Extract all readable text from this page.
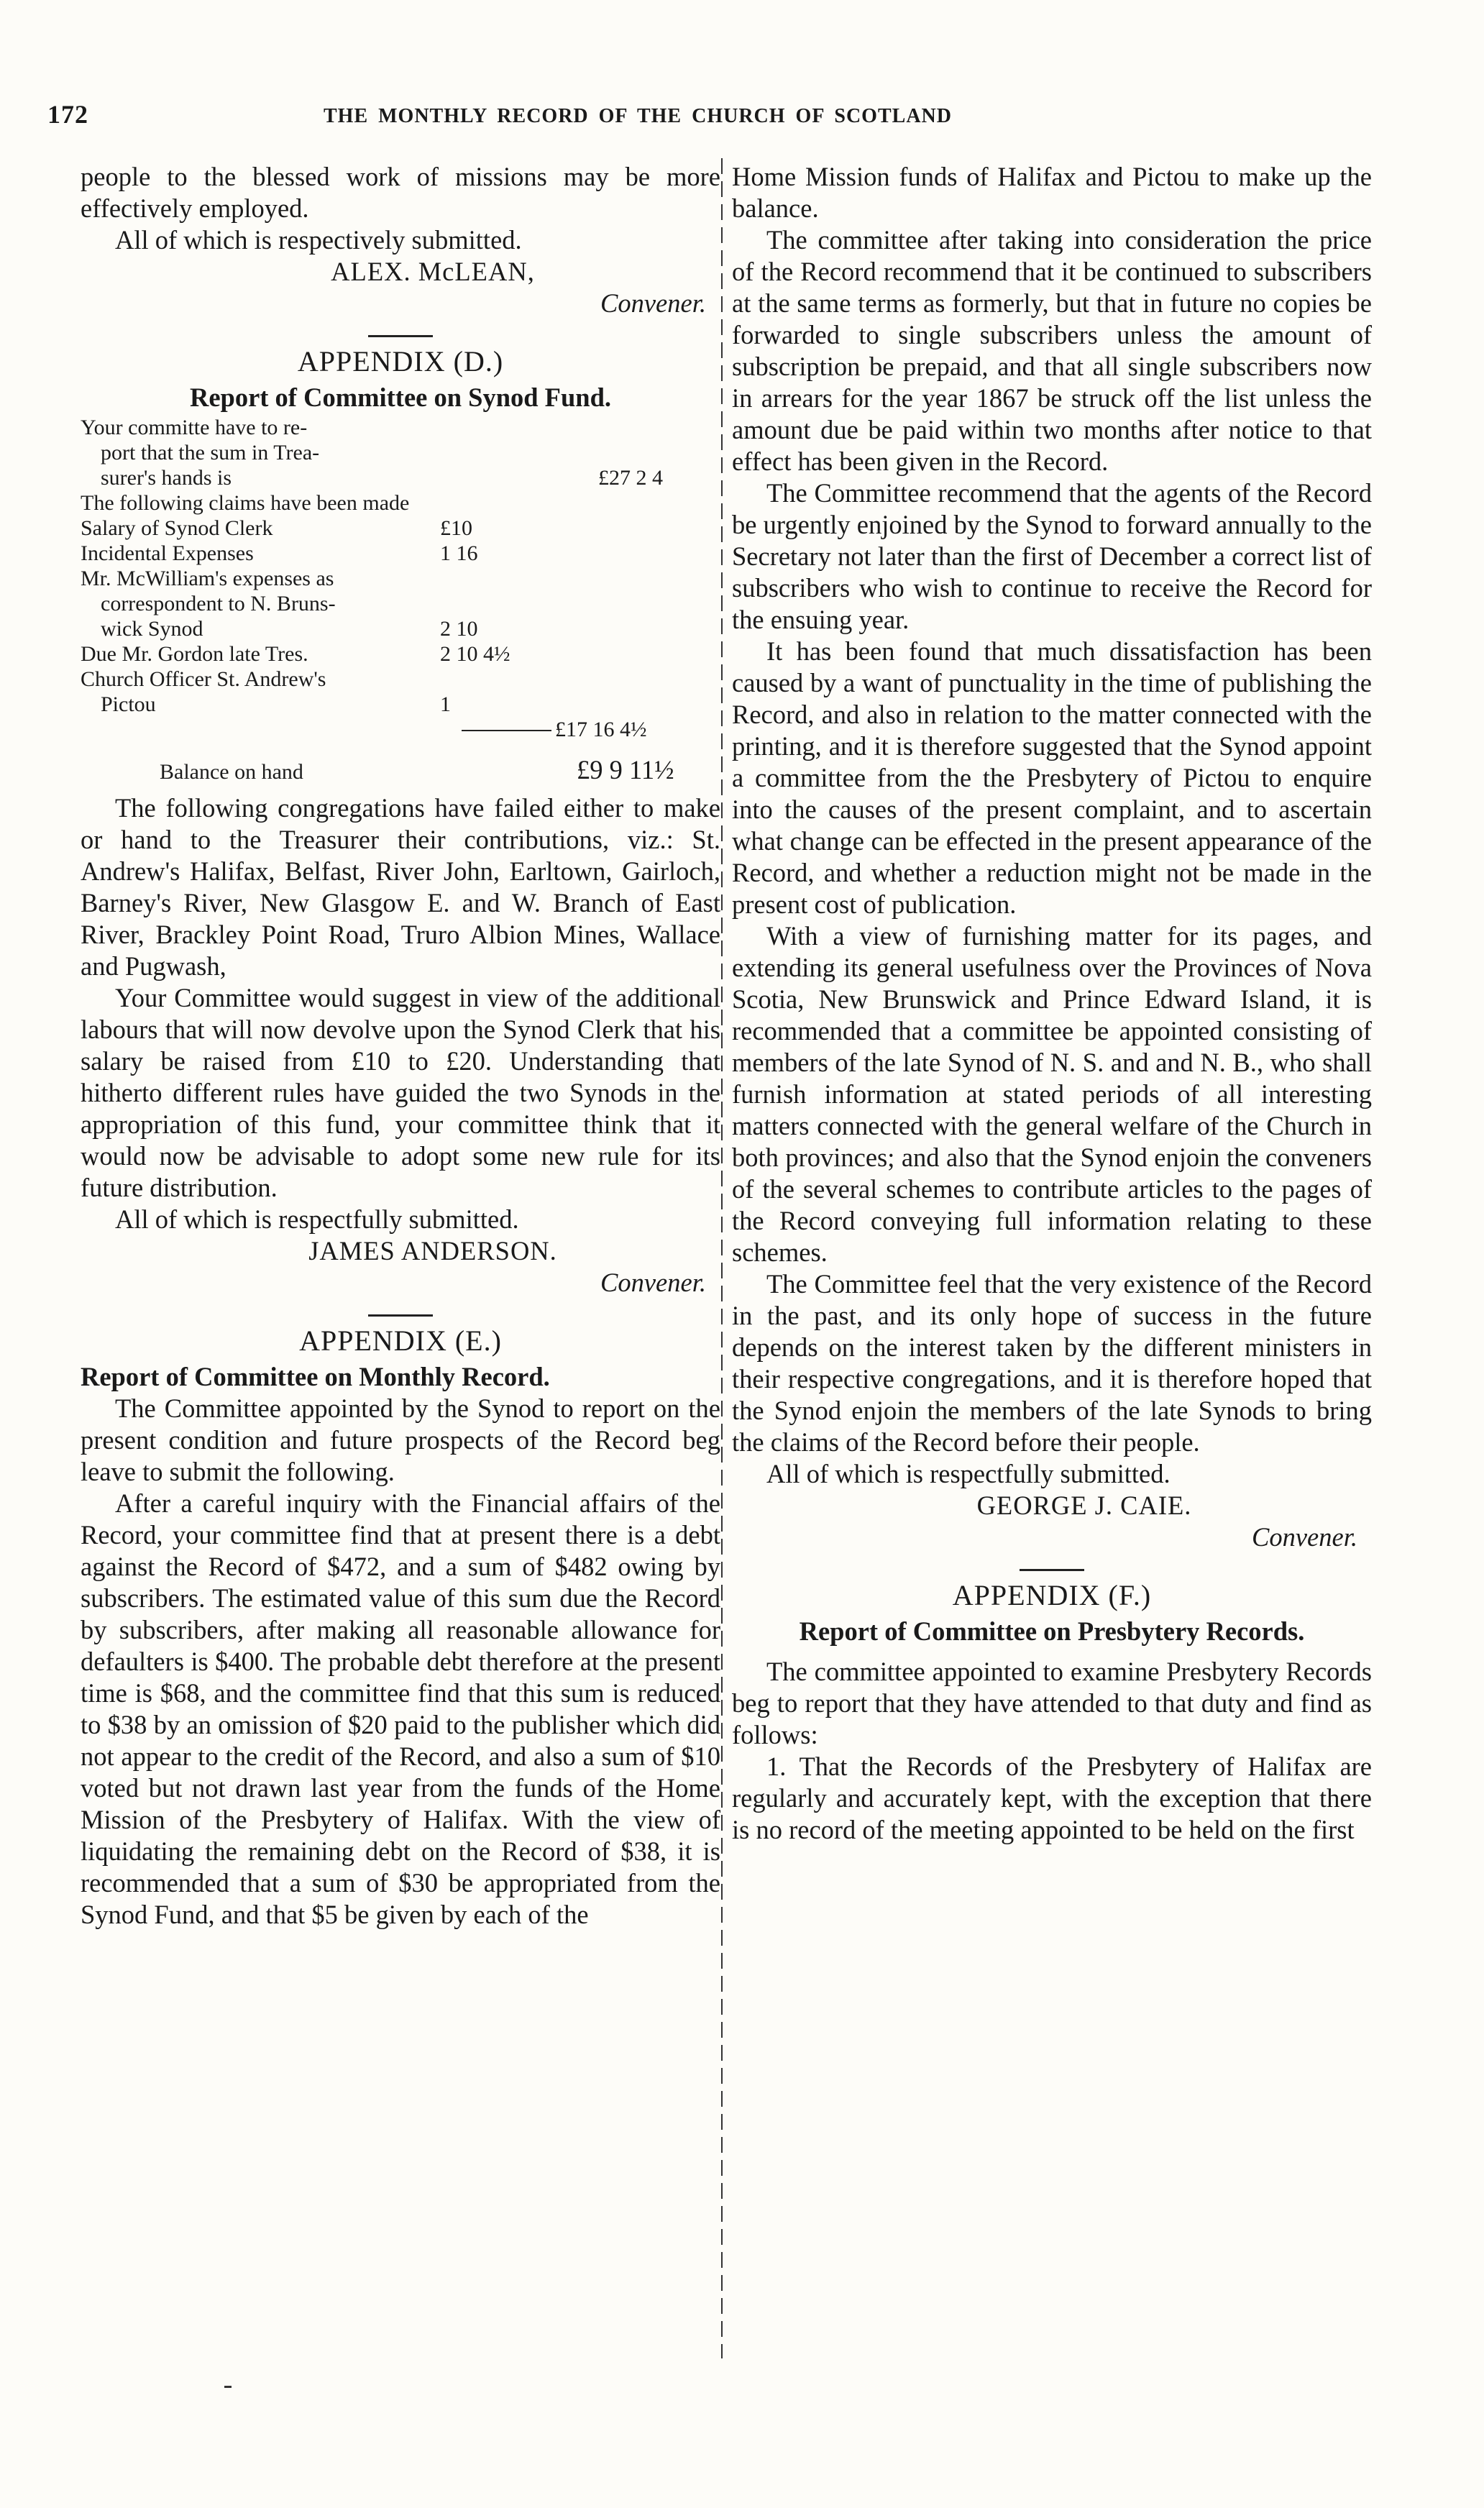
172	THE MONTHLY RECORD OF THE CHURCH OF SCOTLAND

people to the blessed work of missions may be more effectively employed.

All of which is respectively submitted.

ALEX. McLEAN,

Convener.

APPENDIX (D.)

Report of Committee on Synod Fund.

Your committe have to re-
port that the sum in Trea-
surer's hands is	£27 2 4
The following claims have been made
Salary of Synod Clerk	£10
Incidental Expenses	1 16
Mr. McWilliam's expenses as
correspondent to N. Bruns-
wick Synod	2 10
Due Mr. Gordon late Tres.	2 10 4½
Church Officer St. Andrew's
Pictou	1
£17 16 4½
Balance on hand	£9 9 11½

The following congregations have failed either to make or hand to the Treasurer their contributions, viz.: St. Andrew's Halifax, Belfast, River John, Earltown, Gairloch, Barney's River, New Glasgow E. and W. Branch of East River, Brackley Point Road, Truro Albion Mines, Wallace and Pugwash,

Your Committee would suggest in view of the additional labours that will now devolve upon the Synod Clerk that his salary be raised from £10 to £20. Understanding that hitherto different rules have guided the two Synods in the appropriation of this fund, your committee think that it would now be advisable to adopt some new rule for its future distribution.

All of which is respectfully submitted.

JAMES ANDERSON.

Convener.

APPENDIX (E.)

Report of Committee on Monthly Record.

The Committee appointed by the Synod to report on the present condition and future prospects of the Record beg leave to submit the following.

After a careful inquiry with the Financial affairs of the Record, your committee find that at present there is a debt against the Record of $472, and a sum of $482 owing by subscribers. The estimated value of this sum due the Record by subscribers, after making all reasonable allowance for defaulters is $400. The probable debt therefore at the present time is $68, and the committee find that this sum is reduced to $38 by an omission of $20 paid to the publisher which did not appear to the credit of the Record, and also a sum of $10 voted but not drawn last year from the funds of the Home Mission of the Presbytery of Halifax. With the view of liquidating the remaining debt on the Record of $38, it is recommended that a sum of $30 be appropriated from the Synod Fund, and that $5 be given by each of the

Home Mission funds of Halifax and Pictou to make up the balance.

The committee after taking into consideration the price of the Record recommend that it be continued to subscribers at the same terms as formerly, but that in future no copies be forwarded to single subscribers unless the amount of subscription be prepaid, and that all single subscribers now in arrears for the year 1867 be struck off the list unless the amount due be paid within two months after notice to that effect has been given in the Record.

The Committee recommend that the agents of the Record be urgently enjoined by the Synod to forward annually to the Secretary not later than the first of December a correct list of subscribers who wish to continue to receive the Record for the ensuing year.

It has been found that much dissatisfaction has been caused by a want of punctuality in the time of publishing the Record, and also in relation to the matter connected with the printing, and it is therefore suggested that the Synod appoint a committee from the the Presbytery of Pictou to enquire into the causes of the present complaint, and to ascertain what change can be effected in the present appearance of the Record, and whether a reduction might not be made in the present cost of publication.

With a view of furnishing matter for its pages, and extending its general usefulness over the Provinces of Nova Scotia, New Brunswick and Prince Edward Island, it is recommended that a committee be appointed consisting of members of the late Synod of N. S. and and N. B., who shall furnish information at stated periods of all interesting matters connected with the general welfare of the Church in both provinces; and also that the Synod enjoin the conveners of the several schemes to contribute articles to the pages of the Record conveying full information relating to these schemes.

The Committee feel that the very existence of the Record in the past, and its only hope of success in the future depends on the interest taken by the different ministers in their respective congregations, and it is therefore hoped that the Synod enjoin the members of the late Synods to bring the claims of the Record before their people.

All of which is respectfully submitted.

GEORGE J. CAIE.

Convener.

APPENDIX (F.)

Report of Committee on Presbytery Records.

The committee appointed to examine Presbytery Records beg to report that they have attended to that duty and find as follows:

1. That the Records of the Presbytery of Halifax are regularly and accurately kept, with the exception that there is no record of the meeting appointed to be held on the first
